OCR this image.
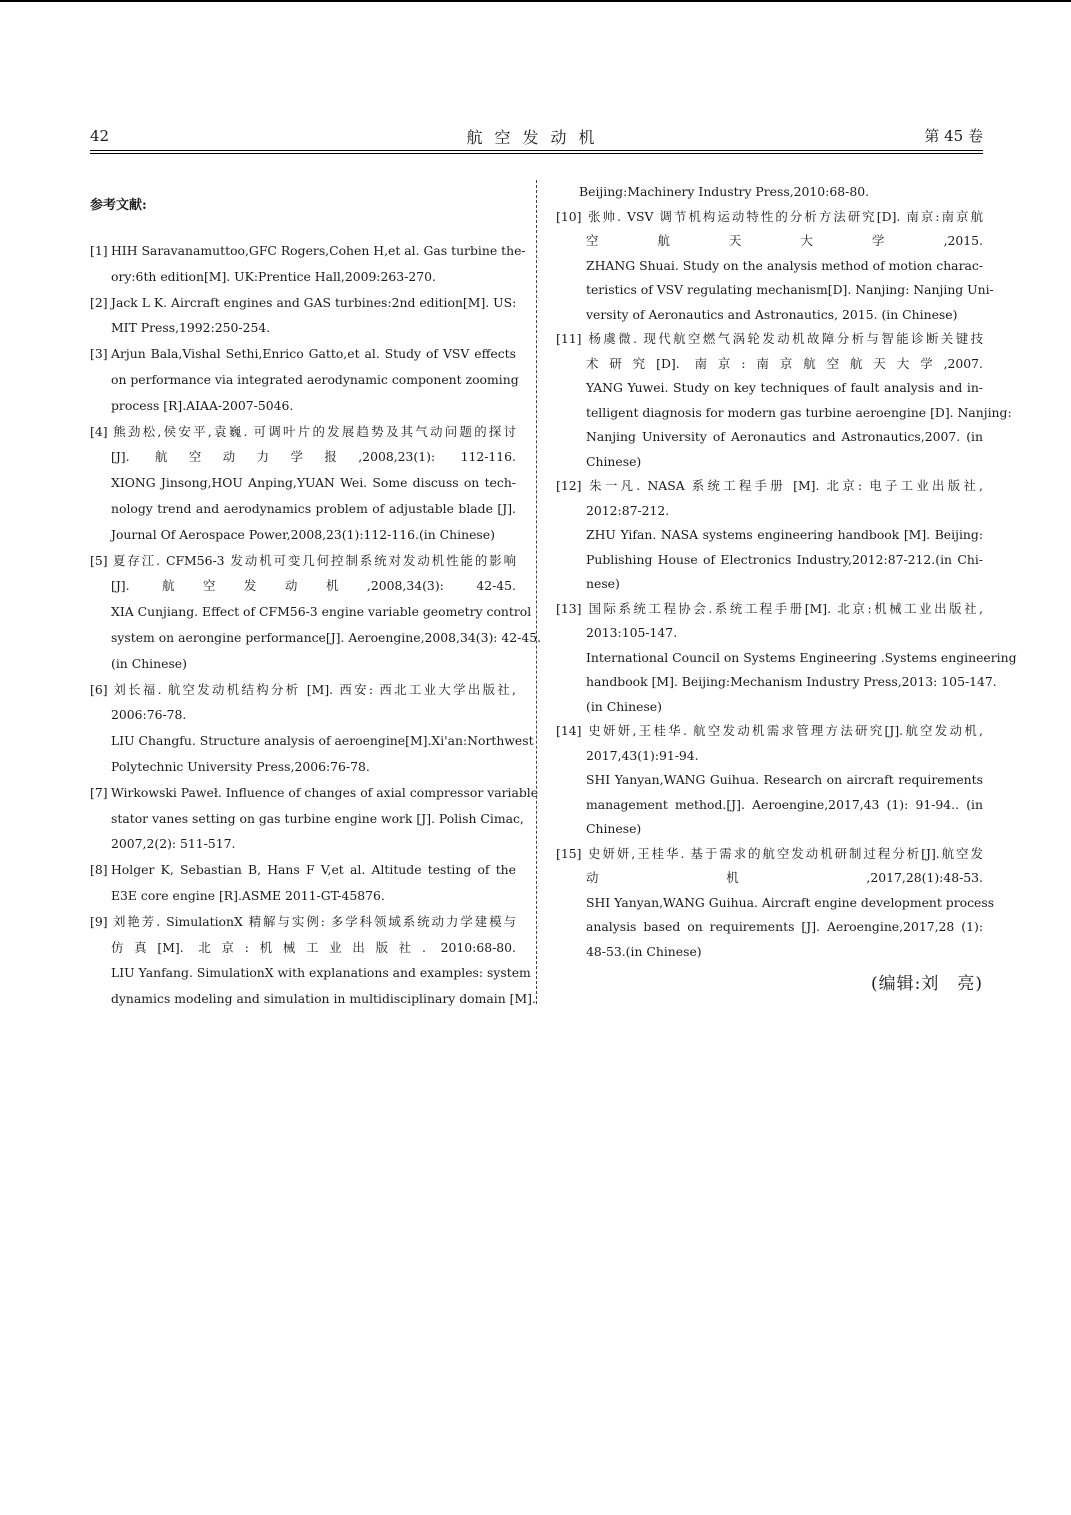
42	航空发动机	第 45 卷
参考文献:
[1] HIH Saravanamuttoo,GFC Rogers,Cohen H,et al. Gas turbine the-
ory:6th edition[M]. UK:Prentice Hall,2009:263-270.
[2] Jack L K. Aircraft engines and GAS turbines:2nd edition[M]. US:
MIT Press,1992:250-254.
[3] Arjun Bala,Vishal Sethi,Enrico Gatto,et al. Study of VSV effects
on performance via integrated aerodynamic component zooming
process [R].AIAA-2007-5046.
[4] 熊劲松,侯安平,袁巍. 可调叶片的发展趋势及其气动问题的探讨
[J]. 航空动力学报,2008,23(1): 112-116.
XIONG Jinsong,HOU Anping,YUAN Wei. Some discuss on tech-
nology trend and aerodynamics problem of adjustable blade [J].
Journal Of Aerospace Power,2008,23(1):112-116.(in Chinese)
[5] 夏存江. CFM56-3 发动机可变几何控制系统对发动机性能的影响
[J]. 航空发动机,2008,34(3): 42-45.
XIA Cunjiang. Effect of CFM56-3 engine variable geometry control
system on aerongine performance[J]. Aeroengine,2008,34(3): 42-45.
(in Chinese)
[6] 刘长福. 航空发动机结构分析 [M]. 西安: 西北工业大学出版社,
2006:76-78.
LIU Changfu. Structure analysis of aeroengine[M].Xi'an:Northwest
Polytechnic University Press,2006:76-78.
[7] Wirkowski Paweł. Influence of changes of axial compressor variable
stator vanes setting on gas turbine engine work [J]. Polish Cimac,
2007,2(2): 511-517.
[8] Holger K, Sebastian B, Hans F V,et al. Altitude testing of the
E3E core engine [R].ASME 2011-GT-45876.
[9] 刘艳芳. SimulationX 精解与实例: 多学科领域系统动力学建模与
仿真[M]. 北京:机械工业出版社. 2010:68-80.
LIU Yanfang. SimulationX with explanations and examples: system
dynamics modeling and simulation in multidisciplinary domain [M].
Beijing:Machinery Industry Press,2010:68-80.
[10] 张帅. VSV 调节机构运动特性的分析方法研究[D]. 南京:南京航
空航天大学,2015.
ZHANG Shuai. Study on the analysis method of motion charac-
teristics of VSV regulating mechanism[D]. Nanjing: Nanjing Uni-
versity of Aeronautics and Astronautics, 2015. (in Chinese)
[11] 杨虞微. 现代航空燃气涡轮发动机故障分析与智能诊断关键技
术研究[D]. 南京:南京航空航天大学,2007.
YANG Yuwei. Study on key techniques of fault analysis and in-
telligent diagnosis for modern gas turbine aeroengine [D]. Nanjing:
Nanjing University of Aeronautics and Astronautics,2007. (in
Chinese)
[12] 朱一凡. NASA 系统工程手册 [M]. 北京: 电子工业出版社,
2012:87-212.
ZHU Yifan. NASA systems engineering handbook [M]. Beijing:
Publishing House of Electronics Industry,2012:87-212.(in Chi-
nese)
[13] 国际系统工程协会.系统工程手册[M]. 北京:机械工业出版社,
2013:105-147.
International Council on Systems Engineering .Systems engineering
handbook [M]. Beijing:Mechanism Industry Press,2013: 105-147.
(in Chinese)
[14] 史妍妍,王桂华. 航空发动机需求管理方法研究[J].航空发动机,
2017,43(1):91-94.
SHI Yanyan,WANG Guihua. Research on aircraft requirements
management method.[J]. Aeroengine,2017,43 (1): 91-94.. (in
Chinese)
[15] 史妍妍,王桂华. 基于需求的航空发动机研制过程分析[J].航空发
动机,2017,28(1):48-53.
SHI Yanyan,WANG Guihua. Aircraft engine development process
analysis based on requirements [J]. Aeroengine,2017,28 (1):
48-53.(in Chinese)
(编辑:刘　亮)
